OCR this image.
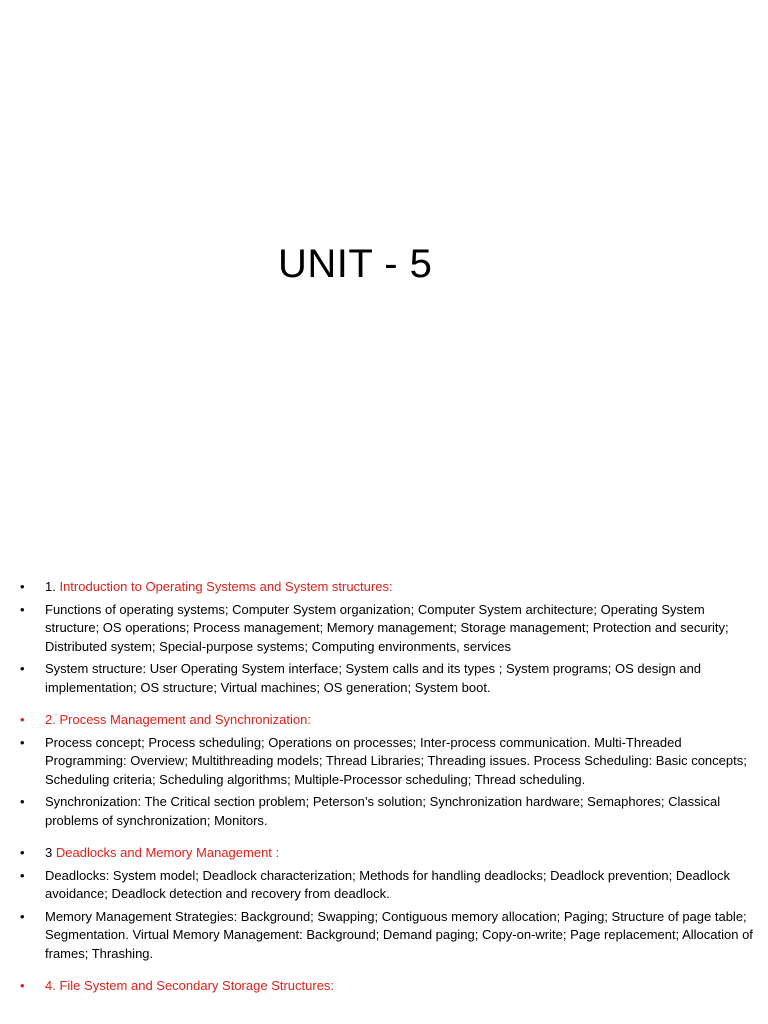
UNIT - 5
•	1. Introduction to Operating Systems and System structures:
•	Functions of operating systems; Computer System organization; Computer System architecture; Operating System structure; OS operations; Process management; Memory management; Storage management; Protection and security; Distributed system; Special-purpose systems; Computing environments, services
•	System structure: User Operating System interface; System calls and its types ; System programs; OS design and implementation; OS structure; Virtual machines; OS generation; System boot.
•	2. Process Management and Synchronization:
•	Process concept; Process scheduling; Operations on processes; Inter-process communication. Multi-Threaded Programming: Overview; Multithreading models; Thread Libraries; Threading issues. Process Scheduling: Basic concepts; Scheduling criteria; Scheduling algorithms; Multiple-Processor scheduling; Thread scheduling.
•	Synchronization: The Critical section problem; Peterson’s solution; Synchronization hardware; Semaphores; Classical problems of synchronization; Monitors.
•	3 Deadlocks and Memory Management :
•	Deadlocks: System model; Deadlock characterization; Methods for handling deadlocks; Deadlock prevention; Deadlock avoidance; Deadlock detection and recovery from deadlock.
•	Memory Management Strategies: Background; Swapping; Contiguous memory allocation; Paging; Structure of page table; Segmentation. Virtual Memory Management: Background; Demand paging; Copy-on-write; Page replacement; Allocation of frames; Thrashing.
•	4. File System and Secondary Storage Structures:
